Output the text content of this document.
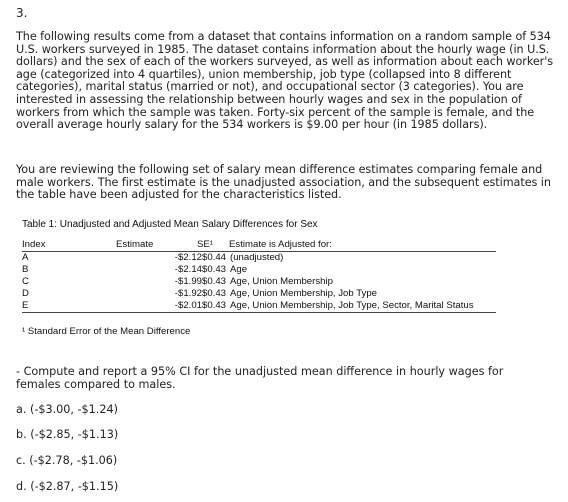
3.
The following results come from a dataset that contains information on a random sample of 534 U.S. workers surveyed in 1985. The dataset contains information about the hourly wage (in U.S. dollars) and the sex of each of the workers surveyed, as well as information about each worker's age (categorized into 4 quartiles), union membership, job type (collapsed into 8 different categories), marital status (married or not), and occupational sector (3 categories). You are interested in assessing the relationship between hourly wages and sex in the population of workers from which the sample was taken. Forty-six percent of the sample is female, and the overall average hourly salary for the 534 workers is $9.00 per hour (in 1985 dollars).
You are reviewing the following set of salary mean difference estimates comparing female and male workers. The first estimate is the unadjusted association, and the subsequent estimates in the table have been adjusted for the characteristics listed.
Table 1: Unadjusted and Adjusted Mean Salary Differences for Sex
Index	Estimate	SE¹ Estimate is Adjusted for:
A	-$2.12 $0.44 (unadjusted)
B	-$2.14 $0.43 Age
C	-$1.99 $0.43 Age, Union Membership
D	-$1.92 $0.43 Age, Union Membership, Job Type
E	-$2.01 $0.43 Age, Union Membership, Job Type, Sector, Marital Status
¹ Standard Error of the Mean Difference
- Compute and report a 95% CI for the unadjusted mean difference in hourly wages for females compared to males.
a. (-$3.00, -$1.24)
b. (-$2.85, -$1.13)
c. (-$2.78, -$1.06)
d. (-$2.87, -$1.15)
